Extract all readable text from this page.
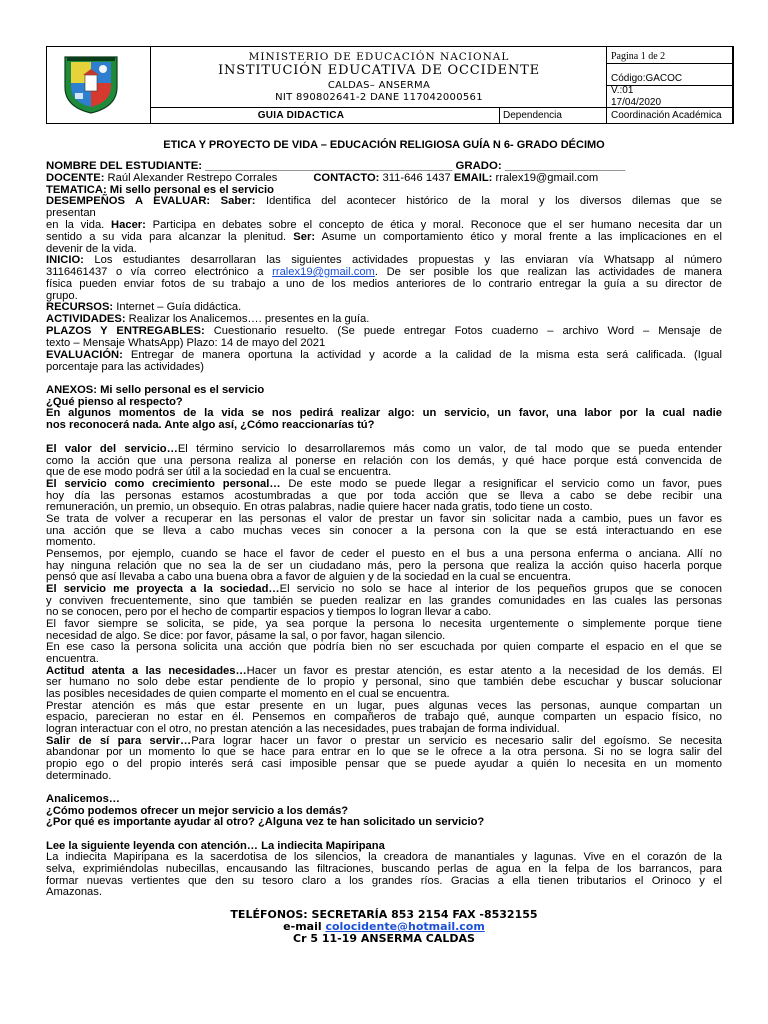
MINISTERIO DE EDUCACIÓN NACIONAL
INSTITUCIÓN EDUCATIVA DE OCCIDENTE
CALDAS– ANSERMA
NIT 890802641-2 DANE 117042000561
GUIA DIDACTICA	Dependencia
Pagina 1 de 2
Código:GACOC
V.:01
17/04/2020
Coordinación Académica
ETICA Y PROYECTO DE VIDA – EDUCACIÓN RELIGIOSA GUÍA N 6- GRADO DÉCIMO
NOMBRE DEL ESTUDIANTE: _______________________________________ GRADO: ___________________
DOCENTE: Raúl Alexander Restrepo Corrales	CONTACTO: 311-646 1437 EMAIL: rralex19@gmail.com
TEMATICA: Mi sello personal es el servicio
DESEMPEÑOS A EVALUAR: Saber: Identifica del acontecer histórico de la moral y los diversos dilemas que se
presentan
en la vida. Hacer: Participa en debates sobre el concepto de ética y moral. Reconoce que el ser humano necesita dar un
sentido a su vida para alcanzar la plenitud. Ser: Asume un comportamiento ético y moral frente a las implicaciones en el
devenir de la vida.
INICIO: Los estudiantes desarrollaran las siguientes actividades propuestas y las enviaran vía Whatsapp al número
3116461437 o vía correo electrónico a rralex19@gmail.com. De ser posible los que realizan las actividades de manera
física pueden enviar fotos de su trabajo a uno de los medios anteriores de lo contrario entregar la guía a su director de
grupo.
RECURSOS: Internet – Guía didáctica.
ACTIVIDADES: Realizar los Analicemos…. presentes en la guía.
PLAZOS Y ENTREGABLES: Cuestionario resuelto. (Se puede entregar Fotos cuaderno – archivo Word – Mensaje de
texto – Mensaje WhatsApp) Plazo: 14 de mayo del 2021
EVALUACIÓN: Entregar de manera oportuna la actividad y acorde a la calidad de la misma esta será calificada. (Igual
porcentaje para las actividades)
ANEXOS: Mi sello personal es el servicio
¿Qué pienso al respecto?
En algunos momentos de la vida se nos pedirá realizar algo: un servicio, un favor, una labor por la cual nadie
nos reconocerá nada. Ante algo así, ¿Cómo reaccionarías tú?
El valor del servicio…El término servicio lo desarrollaremos más como un valor, de tal modo que se pueda entender
como la acción que una persona realiza al ponerse en relación con los demás, y qué hace porque está convencida de
que de ese modo podrá ser útil a la sociedad en la cual se encuentra.
El servicio como crecimiento personal… De este modo se puede llegar a resignificar el servicio como un favor, pues
hoy día las personas estamos acostumbradas a que por toda acción que se lleva a cabo se debe recibir una
remuneración, un premio, un obsequio. En otras palabras, nadie quiere hacer nada gratis, todo tiene un costo.
Se trata de volver a recuperar en las personas el valor de prestar un favor sin solicitar nada a cambio, pues un favor es
una acción que se lleva a cabo muchas veces sin conocer a la persona con la que se está interactuando en ese
momento.
Pensemos, por ejemplo, cuando se hace el favor de ceder el puesto en el bus a una persona enferma o anciana. Allí no
hay ninguna relación que no sea la de ser un ciudadano más, pero la persona que realiza la acción quiso hacerla porque
pensó que así llevaba a cabo una buena obra a favor de alguien y de la sociedad en la cual se encuentra.
El servicio me proyecta a la sociedad…El servicio no solo se hace al interior de los pequeños grupos que se conocen
y conviven frecuentemente, sino que también se pueden realizar en las grandes comunidades en las cuales las personas
no se conocen, pero por el hecho de compartir espacios y tiempos lo logran llevar a cabo.
El favor siempre se solicita, se pide, ya sea porque la persona lo necesita urgentemente o simplemente porque tiene
necesidad de algo. Se dice: por favor, pásame la sal, o por favor, hagan silencio.
En ese caso la persona solicita una acción que podría bien no ser escuchada por quien comparte el espacio en el que se
encuentra.
Actitud atenta a las necesidades…Hacer un favor es prestar atención, es estar atento a la necesidad de los demás. El
ser humano no solo debe estar pendiente de lo propio y personal, sino que también debe escuchar y buscar solucionar
las posibles necesidades de quien comparte el momento en el cual se encuentra.
Prestar atención es más que estar presente en un lugar, pues algunas veces las personas, aunque compartan un
espacio, parecieran no estar en él. Pensemos en compañeros de trabajo qué, aunque comparten un espacio físico, no
logran interactuar con el otro, no prestan atención a las necesidades, pues trabajan de forma individual.
Salir de sí para servir…Para lograr hacer un favor o prestar un servicio es necesario salir del egoísmo. Se necesita
abandonar por un momento lo que se hace para entrar en lo que se le ofrece a la otra persona. Si no se logra salir del
propio ego o del propio interés será casi imposible pensar que se puede ayudar a quién lo necesita en un momento
determinado.
Analicemos…
¿Cómo podemos ofrecer un mejor servicio a los demás?
¿Por qué es importante ayudar al otro? ¿Alguna vez te han solicitado un servicio?
Lee la siguiente leyenda con atención… La indiecita Mapiripana
La indiecita Mapiripana es la sacerdotisa de los silencios, la creadora de manantiales y lagunas. Vive en el corazón de la
selva, exprimiéndolas nubecillas, encausando las filtraciones, buscando perlas de agua en la felpa de los barrancos, para
formar nuevas vertientes que den su tesoro claro a los grandes ríos. Gracias a ella tienen tributarios el Orinoco y el
Amazonas.
TELÉFONOS: SECRETARÍA 853 2154 FAX -8532155
e-mail colocidente@hotmail.com
Cr 5 11-19 ANSERMA CALDAS
